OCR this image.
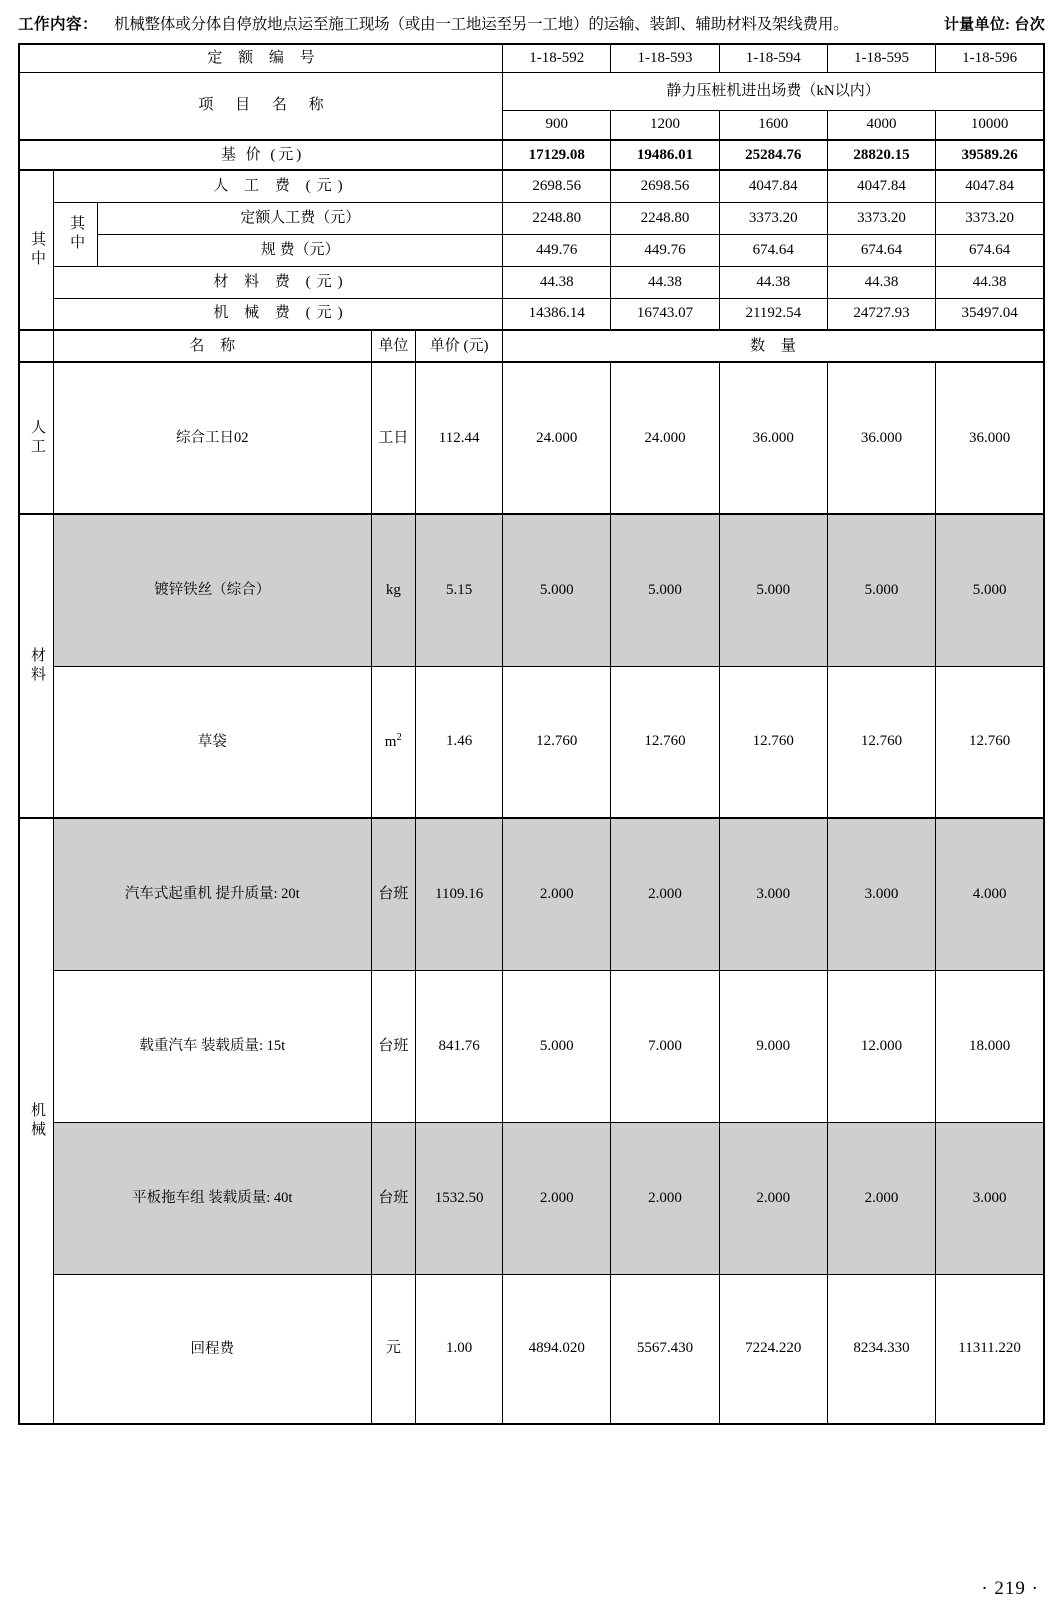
工作内容： 机械整体或分体自停放地点运至施工现场（或由一工地运至另一工地）的运输、装卸、辅助材料及架线费用。	计量单位: 台次
定 额 编 号					1-18-592	1-18-593	1-18-594	1-18-595	1-18-596
项 目 名 称					静力压桩机进出场费（kN以内）				
					900	1200	1600	4000	10000
基 价 (元)					17129.08	19486.01	25284.76	28820.15	39589.26

其中	人 工 费 (元)				2698.56	2698.56	4047.84	4047.84	4047.84

	其中	定额人工费（元）			2248.80	2248.80	3373.20	3373.20	3373.20
		规 费（元）			449.76	449.76	674.64	674.64	674.64
	材 料 费 (元)				44.38	44.38	44.38	44.38	44.38
	机 械 费 (元)				14386.14	16743.07	21192.54	24727.93	35497.04
	名 称		单位	单价 (元)	数 量				

人工	综合工日02		工日	112.44	24.000	24.000	36.000	36.000	36.000

材料	镀锌铁丝（综合）		kg	5.15	5.000	5.000	5.000	5.000	5.000
	草袋		$m^2$	1.46	12.760	12.760	12.760	12.760	12.760

机械	汽车式起重机 提升质量: 20t		台班	1109.16	2.000	2.000	3.000	3.000	4.000
	载重汽车 装载质量: 15t		台班	841.76	5.000	7.000	9.000	12.000	18.000
	平板拖车组 装载质量: 40t		台班	1532.50	2.000	2.000	2.000	2.000	3.000
	回程费		元	1.00	4894.020	5567.430	7224.220	8234.330	11311.220
· 219 ·
